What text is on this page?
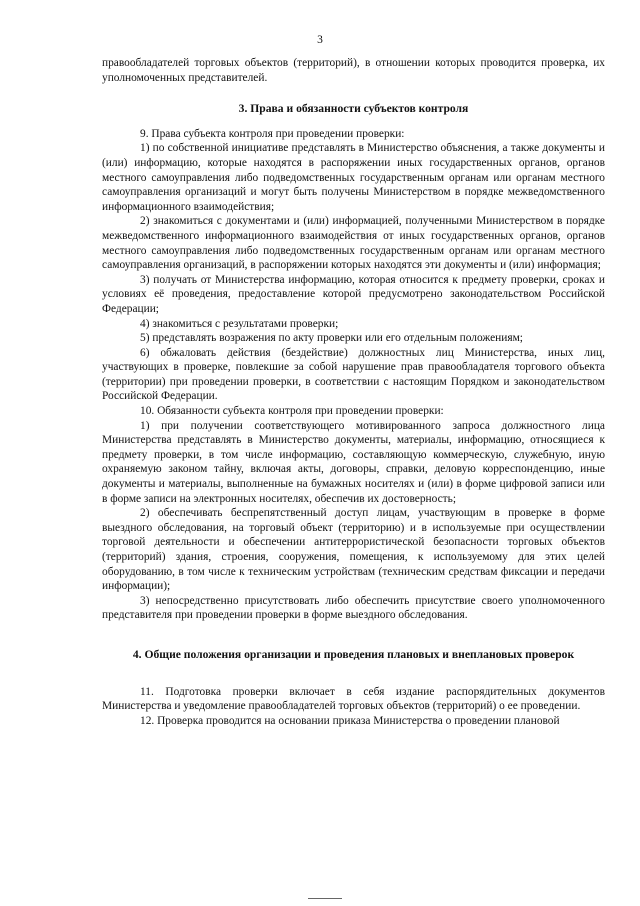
3

правообладателей торговых объектов (территорий), в отношении которых проводится проверка, их уполномоченных представителей.

3. Права и обязанности субъектов контроля

9. Права субъекта контроля при проведении проверки:

1) по собственной инициативе представлять в Министерство объяснения, а также документы и (или) информацию, которые находятся в распоряжении иных государственных органов, органов местного самоуправления либо подведомственных государственным органам или органам местного самоуправления организаций и могут быть получены Министерством в порядке межведомственного информационного взаимодействия;

2) знакомиться с документами и (или) информацией, полученными Министерством в порядке межведомственного информационного взаимодействия от иных государственных органов, органов местного самоуправления либо подведомственных государственным органам или органам местного самоуправления организаций, в распоряжении которых находятся эти документы и (или) информация;

3) получать от Министерства информацию, которая относится к предмету проверки, сроках и условиях её проведения, предоставление которой предусмотрено законодательством Российской Федерации;

4) знакомиться с результатами проверки;

5) представлять возражения по акту проверки или его отдельным положениям;

6) обжаловать действия (бездействие) должностных лиц Министерства, иных лиц, участвующих в проверке, повлекшие за собой нарушение прав правообладателя торгового объекта (территории) при проведении проверки, в соответствии с настоящим Порядком и законодательством Российской Федерации.

10. Обязанности субъекта контроля при проведении проверки:

1) при получении соответствующего мотивированного запроса должностного лица Министерства представлять в Министерство документы, материалы, информацию, относящиеся к предмету проверки, в том числе информацию, составляющую коммерческую, служебную, иную охраняемую законом тайну, включая акты, договоры, справки, деловую корреспонденцию, иные документы и материалы, выполненные на бумажных носителях и (или) в форме цифровой записи или в форме записи на электронных носителях, обеспечив их достоверность;

2) обеспечивать беспрепятственный доступ лицам, участвующим в проверке в форме выездного обследования, на торговый объект (территорию) и в используемые при осуществлении торговой деятельности и обеспечении антитеррористической безопасности торговых объектов (территорий) здания, строения, сооружения, помещения, к используемому для этих целей оборудованию, в том числе к техническим устройствам (техническим средствам фиксации и передачи информации);

3) непосредственно присутствовать либо обеспечить присутствие своего уполномоченного представителя при проведении проверки в форме выездного обследования.

4. Общие положения организации и проведения плановых и внеплановых проверок

11. Подготовка проверки включает в себя издание распорядительных документов Министерства и уведомление правообладателей торговых объектов (территорий) о ее проведении.

12. Проверка проводится на основании приказа Министерства о проведении плановой
